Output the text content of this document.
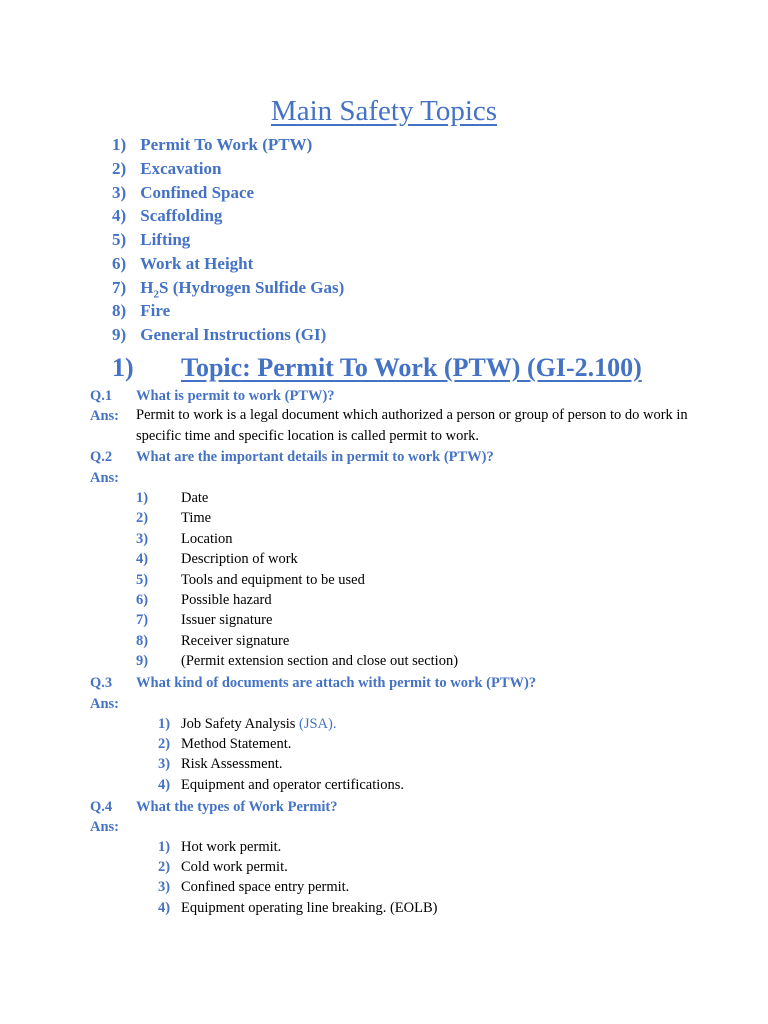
Main Safety Topics
1) Permit To Work (PTW)
2) Excavation
3) Confined Space
4) Scaffolding
5) Lifting
6) Work at Height
7) $H_2S$ (Hydrogen Sulfide Gas)
8) Fire
9) General Instructions (GI)
1) Topic: Permit To Work (PTW) (GI-2.100)
Q.1 What is permit to work (PTW)?
Ans: Permit to work is a legal document which authorized a person or group of person to do work in specific time and specific location is called permit to work.
Q.2 What are the important details in permit to work (PTW)?
Ans:
1) Date
2) Time
3) Location
4) Description of work
5) Tools and equipment to be used
6) Possible hazard
7) Issuer signature
8) Receiver signature
9) (Permit extension section and close out section)
Q.3 What kind of documents are attach with permit to work (PTW)?
Ans:
1) Job Safety Analysis (JSA).
2) Method Statement.
3) Risk Assessment.
4) Equipment and operator certifications.
Q.4 What the types of Work Permit?
Ans:
1) Hot work permit.
2) Cold work permit.
3) Confined space entry permit.
4) Equipment operating line breaking. (EOLB)
